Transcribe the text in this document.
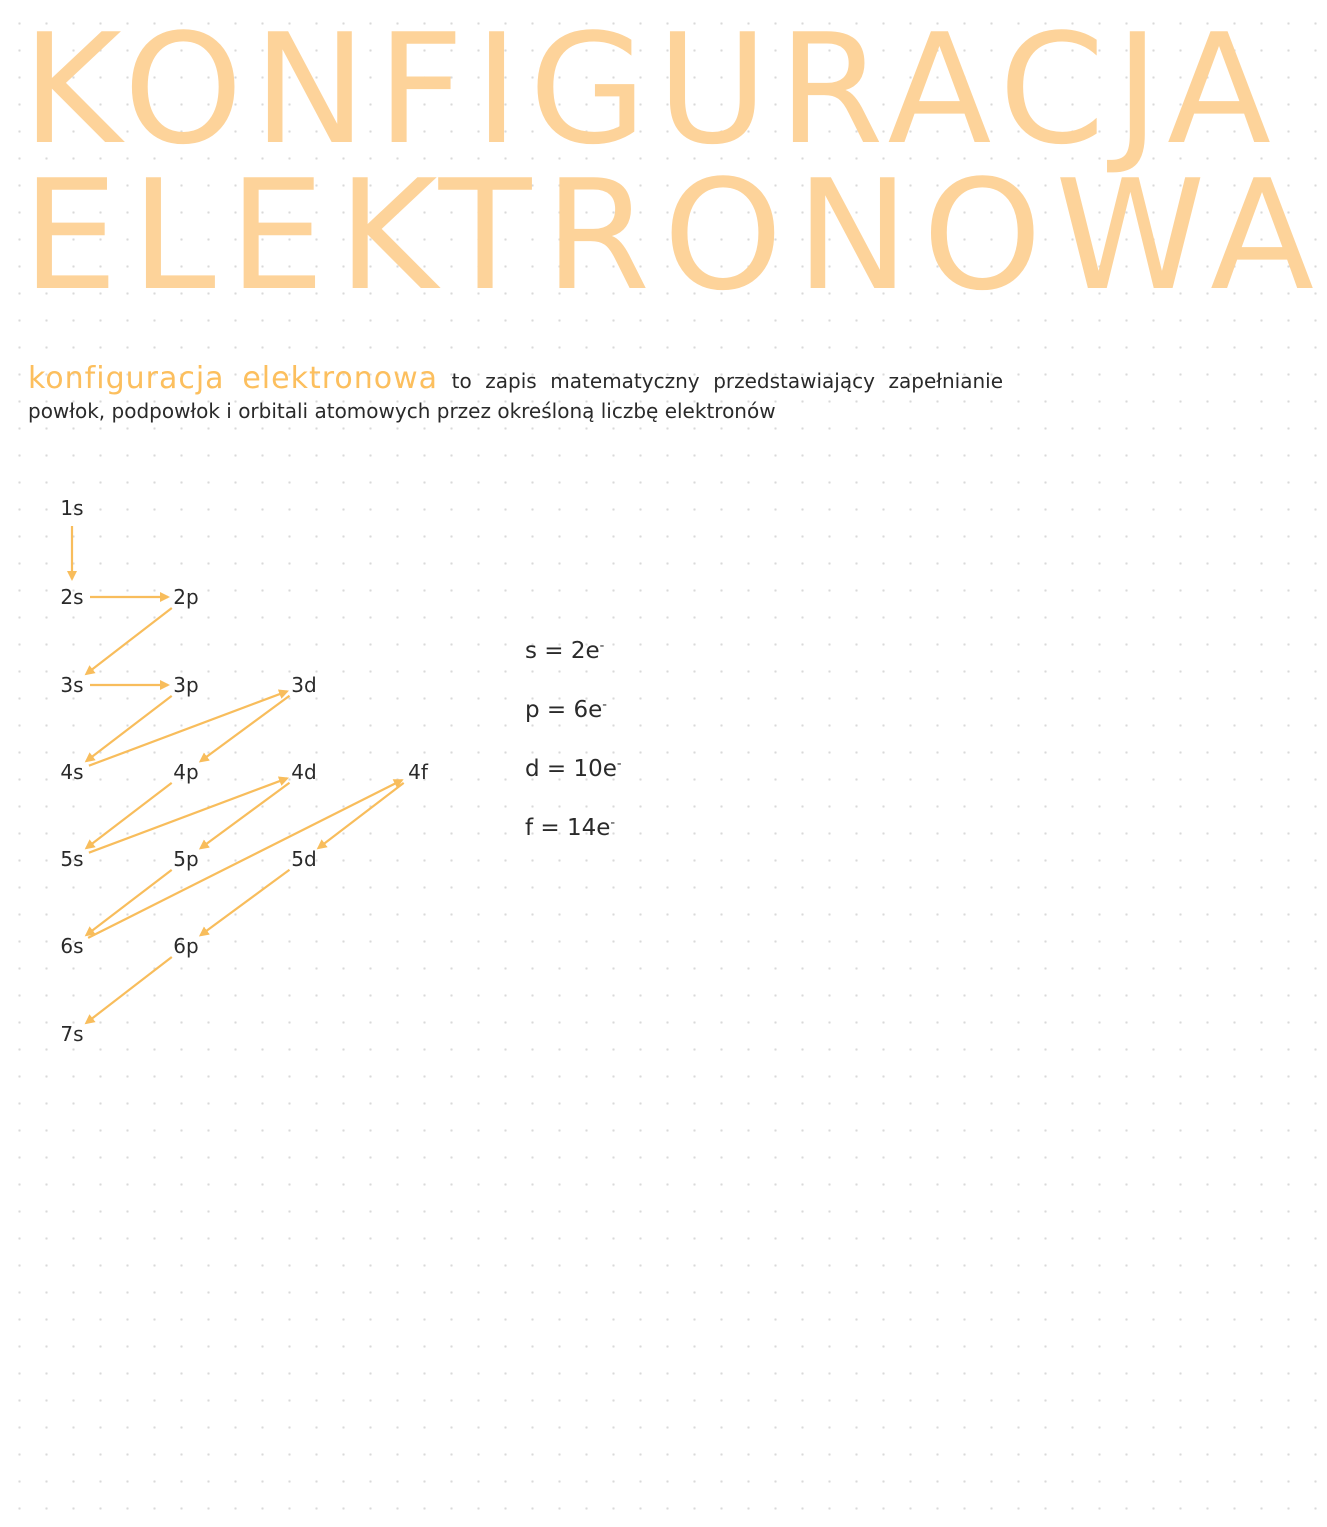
KONFIGURACJA
ELEKTRONOWA

konfiguracja elektronowa to zapis matematyczny przedstawiający zapełnianie powłok, podpowłok i orbitali atomowych przez określoną liczbę elektronów

1s
2s	2p
3s	3p	3d
4s	4p	4d	4f
5s	5p	5d
6s	6p
7s
s = 2e-
p = 6e-
d = 10e-
f = 14e-
